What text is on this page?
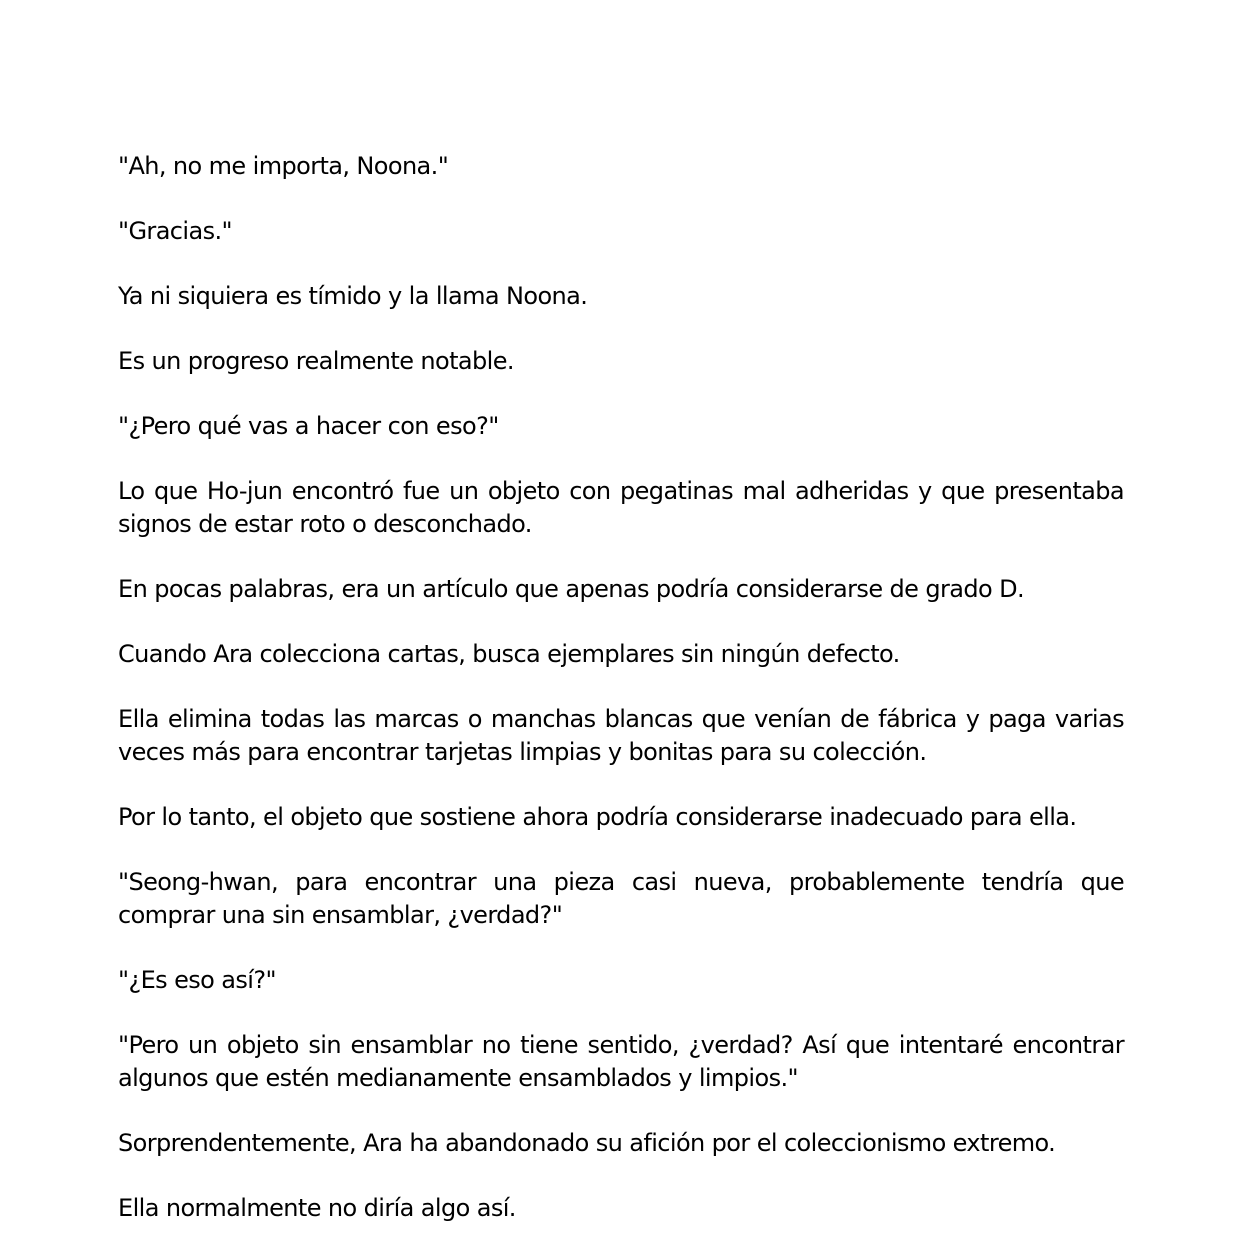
"Ah, no me importa, Noona."

"Gracias."

Ya ni siquiera es tímido y la llama Noona.

Es un progreso realmente notable.

"¿Pero qué vas a hacer con eso?"

Lo que Ho-jun encontró fue un objeto con pegatinas mal adheridas y que presentaba signos de estar roto o desconchado.

En pocas palabras, era un artículo que apenas podría considerarse de grado D.

Cuando Ara colecciona cartas, busca ejemplares sin ningún defecto.

Ella elimina todas las marcas o manchas blancas que venían de fábrica y paga varias veces más para encontrar tarjetas limpias y bonitas para su colección.

Por lo tanto, el objeto que sostiene ahora podría considerarse inadecuado para ella.

"Seong-hwan, para encontrar una pieza casi nueva, probablemente tendría que comprar una sin ensamblar, ¿verdad?"

"¿Es eso así?"

"Pero un objeto sin ensamblar no tiene sentido, ¿verdad? Así que intentaré encontrar algunos que estén medianamente ensamblados y limpios."

Sorprendentemente, Ara ha abandonado su afición por el coleccionismo extremo.

Ella normalmente no diría algo así.
